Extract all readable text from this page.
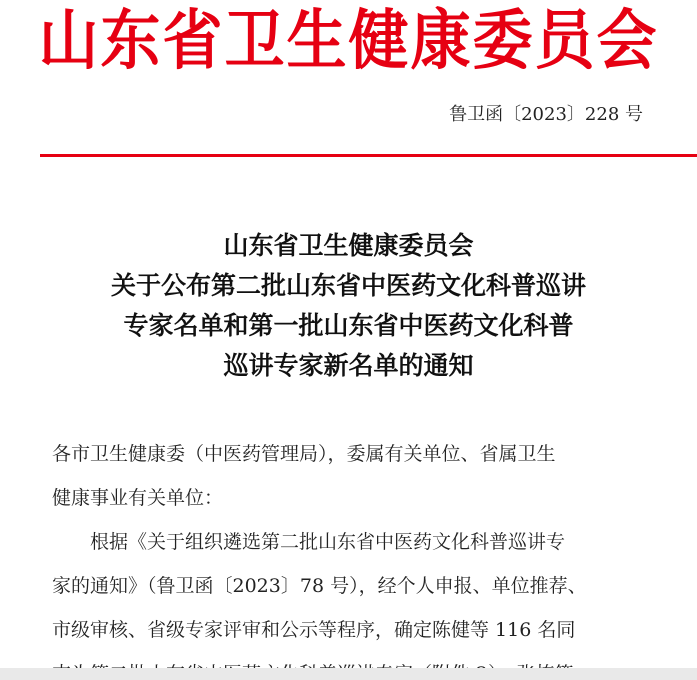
山东省卫生健康委员会
鲁卫函〔2023〕228 号
山东省卫生健康委员会
关于公布第二批山东省中医药文化科普巡讲
专家名单和第一批山东省中医药文化科普
巡讲专家新名单的通知

各市卫生健康委（中医药管理局），委属有关单位、省属卫生
健康事业有关单位：

根据《关于组织遴选第二批山东省中医药文化科普巡讲专
家的通知》（鲁卫函〔2023〕78 号），经个人申报、单位推荐、
市级审核、省级专家评审和公示等程序，确定陈健等 116 名同
